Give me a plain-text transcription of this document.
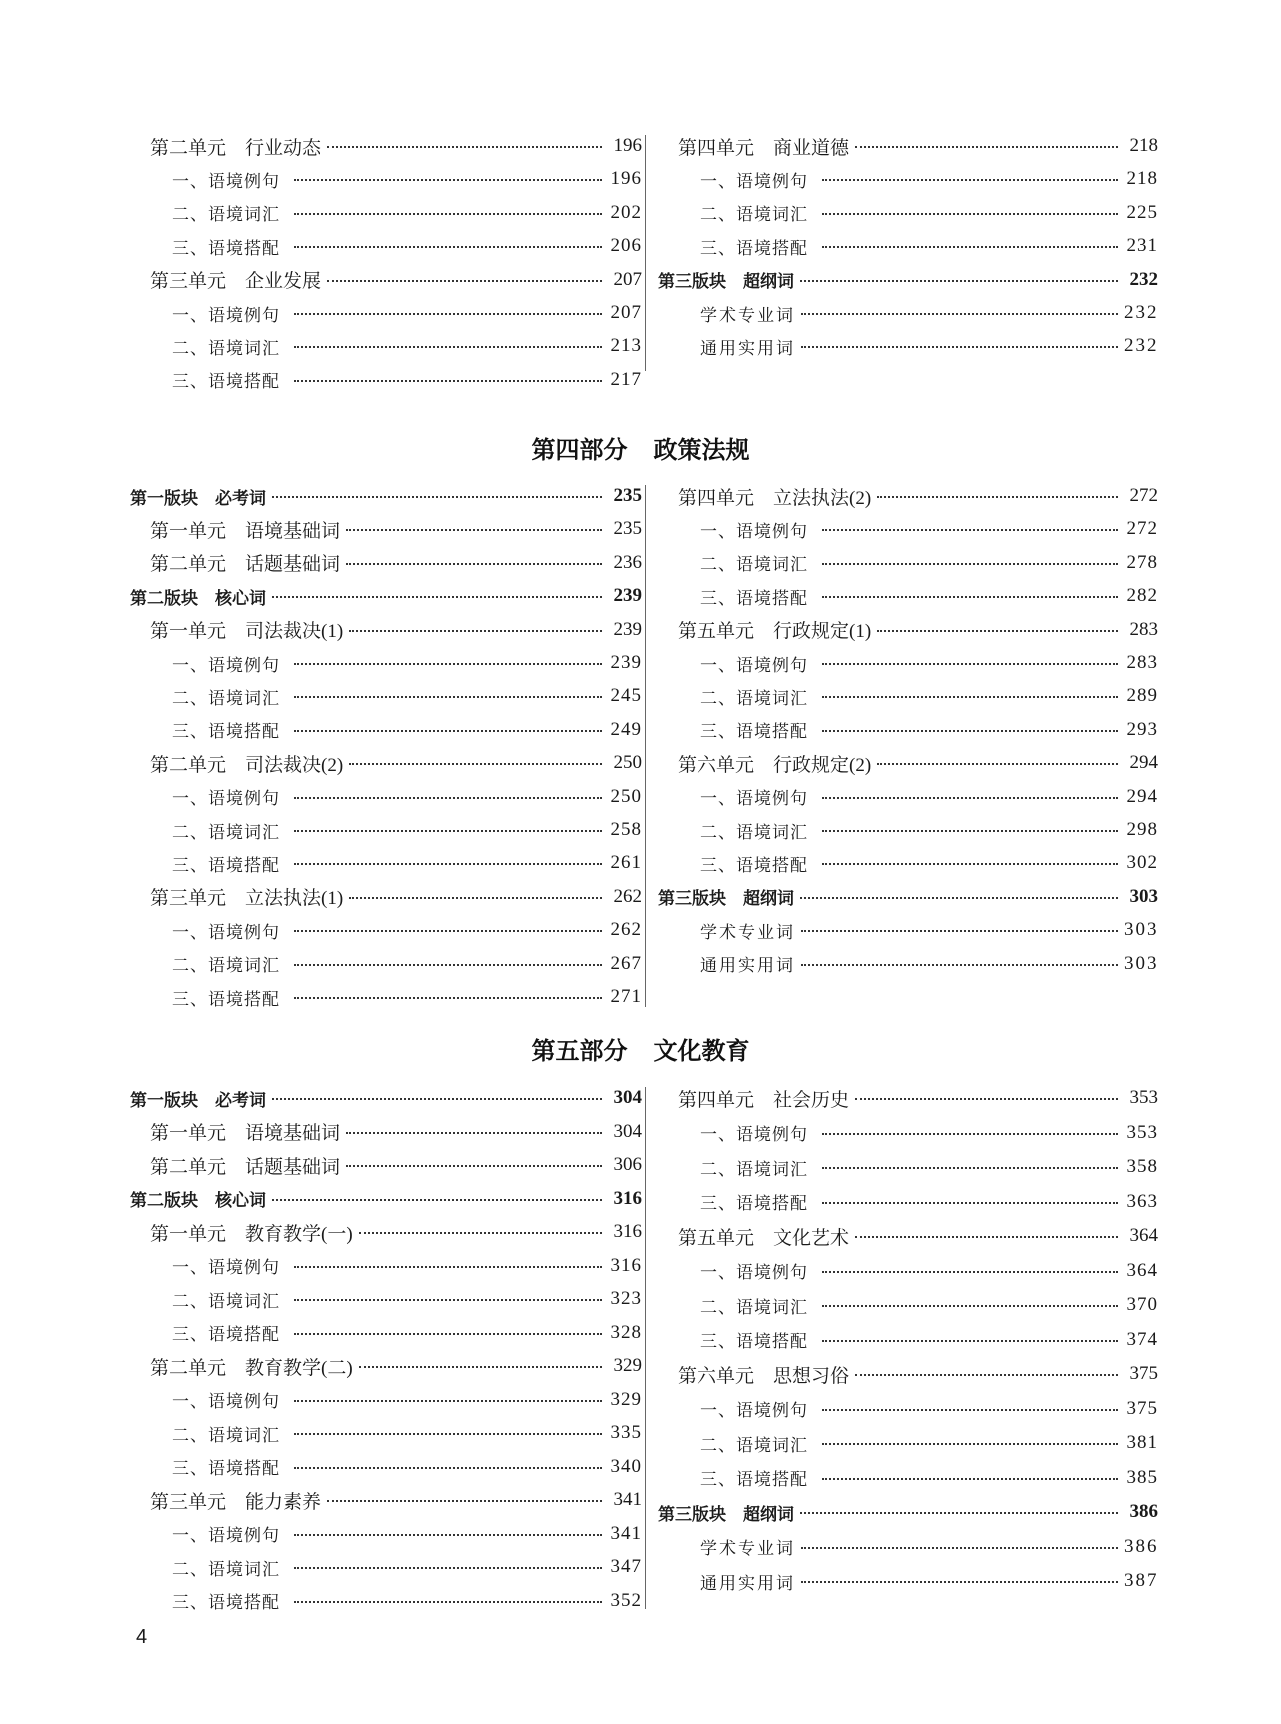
第二单元　行业动态	196
一、语境例句	196
二、语境词汇	202
三、语境搭配	206
第三单元　企业发展	207
一、语境例句	207
二、语境词汇	213
三、语境搭配	217
第四单元　商业道德	218
一、语境例句	218
二、语境词汇	225
三、语境搭配	231
第三版块　超纲词	232
学术专业词	232
通用实用词	232
第四部分 政策法规
第一版块　必考词	235
第一单元　语境基础词	235
第二单元　话题基础词	236
第二版块　核心词	239
第一单元　司法裁决(1)	239
一、语境例句	239
二、语境词汇	245
三、语境搭配	249
第二单元　司法裁决(2)	250
一、语境例句	250
二、语境词汇	258
三、语境搭配	261
第三单元　立法执法(1)	262
一、语境例句	262
二、语境词汇	267
三、语境搭配	271
第四单元　立法执法(2)	272
一、语境例句	272
二、语境词汇	278
三、语境搭配	282
第五单元　行政规定(1)	283
一、语境例句	283
二、语境词汇	289
三、语境搭配	293
第六单元　行政规定(2)	294
一、语境例句	294
二、语境词汇	298
三、语境搭配	302
第三版块　超纲词	303
学术专业词	303
通用实用词	303
第五部分 文化教育
第一版块　必考词	304
第一单元　语境基础词	304
第二单元　话题基础词	306
第二版块　核心词	316
第一单元　教育教学(一)	316
一、语境例句	316
二、语境词汇	323
三、语境搭配	328
第二单元　教育教学(二)	329
一、语境例句	329
二、语境词汇	335
三、语境搭配	340
第三单元　能力素养	341
一、语境例句	341
二、语境词汇	347
三、语境搭配	352
第四单元　社会历史	353
一、语境例句	353
二、语境词汇	358
三、语境搭配	363
第五单元　文化艺术	364
一、语境例句	364
二、语境词汇	370
三、语境搭配	374
第六单元　思想习俗	375
一、语境例句	375
二、语境词汇	381
三、语境搭配	385
第三版块　超纲词	386
学术专业词	386
通用实用词	387
4
